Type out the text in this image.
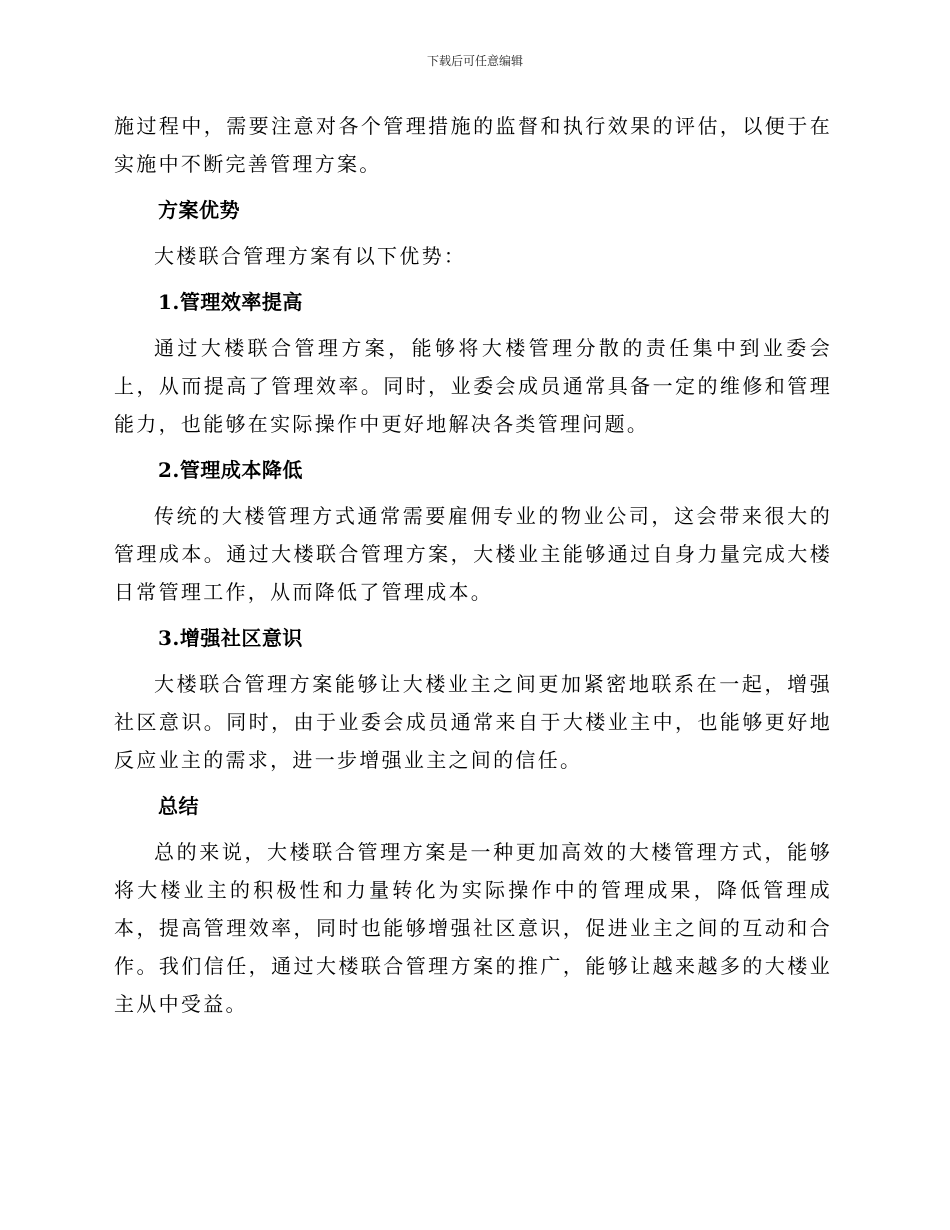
下载后可任意编辑

施过程中，需要注意对各个管理措施的监督和执行效果的评估，以便于在实施中不断完善管理方案。

方案优势

大楼联合管理方案有以下优势：

1.管理效率提高

通过大楼联合管理方案，能够将大楼管理分散的责任集中到业委会上，从而提高了管理效率。同时，业委会成员通常具备一定的维修和管理能力，也能够在实际操作中更好地解决各类管理问题。

2.管理成本降低

传统的大楼管理方式通常需要雇佣专业的物业公司，这会带来很大的管理成本。通过大楼联合管理方案，大楼业主能够通过自身力量完成大楼日常管理工作，从而降低了管理成本。

3.增强社区意识

大楼联合管理方案能够让大楼业主之间更加紧密地联系在一起，增强社区意识。同时，由于业委会成员通常来自于大楼业主中，也能够更好地反应业主的需求，进一步增强业主之间的信任。

总结

总的来说，大楼联合管理方案是一种更加高效的大楼管理方式，能够将大楼业主的积极性和力量转化为实际操作中的管理成果，降低管理成本，提高管理效率，同时也能够增强社区意识，促进业主之间的互动和合作。我们信任，通过大楼联合管理方案的推广，能够让越来越多的大楼业主从中受益。
